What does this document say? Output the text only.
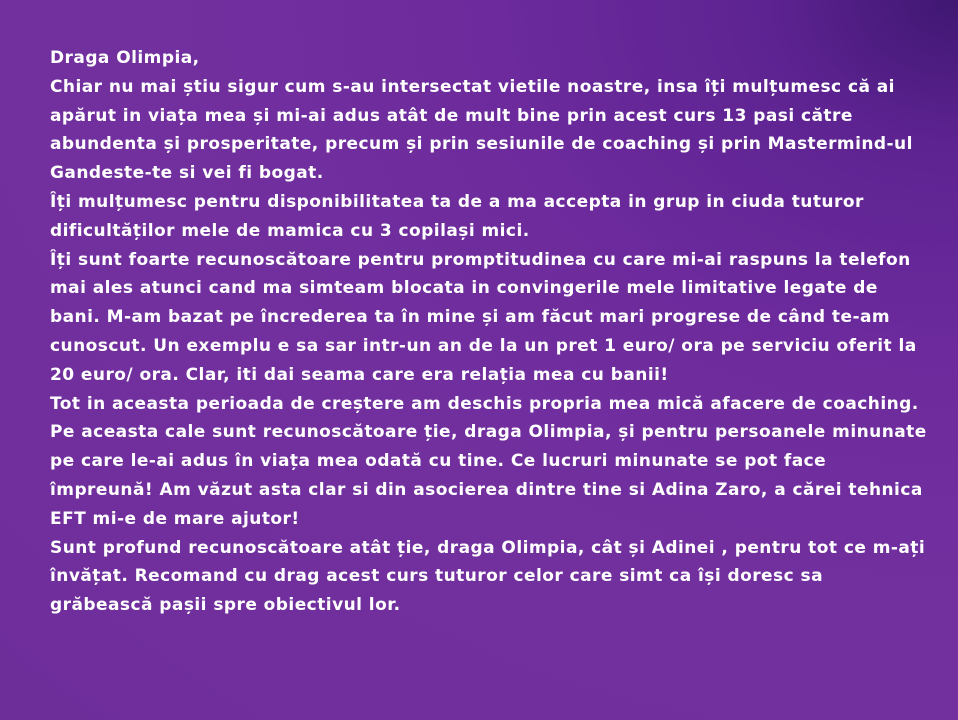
Draga Olimpia,

Chiar nu mai știu sigur cum s-au intersectat vietile noastre, insa îți mulțumesc că ai apărut in viața mea și mi-ai adus atât de mult bine prin acest curs 13 pasi către abundenta și prosperitate, precum și prin sesiunile de coaching și prin Mastermind-ul Gandeste-te si vei fi bogat.

Îți mulțumesc pentru disponibilitatea ta de a ma accepta in grup in ciuda tuturor dificultăților mele de mamica cu 3 copilași mici.

Îți sunt foarte recunoscătoare pentru promptitudinea cu care mi-ai raspuns la telefon mai ales atunci cand ma simteam blocata in convingerile mele limitative legate de bani. M-am bazat pe încrederea ta în mine și am făcut mari progrese de când te-am cunoscut. Un exemplu e sa sar intr-un an de la un pret 1 euro/ ora pe serviciu oferit la 20 euro/ ora. Clar, iti dai seama care era relația mea cu banii!

Tot in aceasta perioada de creștere am deschis propria mea mică afacere de coaching.

Pe aceasta cale sunt recunoscătoare ție, draga Olimpia, și pentru persoanele minunate pe care le-ai adus în viața mea odată cu tine. Ce lucruri minunate se pot face împreună! Am văzut asta clar si din asocierea dintre tine si Adina Zaro, a cărei tehnica EFT mi-e de mare ajutor!

Sunt profund recunoscătoare atât ție, draga Olimpia, cât și Adinei , pentru tot ce m-ați învățat. Recomand cu drag acest curs tuturor celor care simt ca își doresc sa grăbească pașii spre obiectivul lor.
